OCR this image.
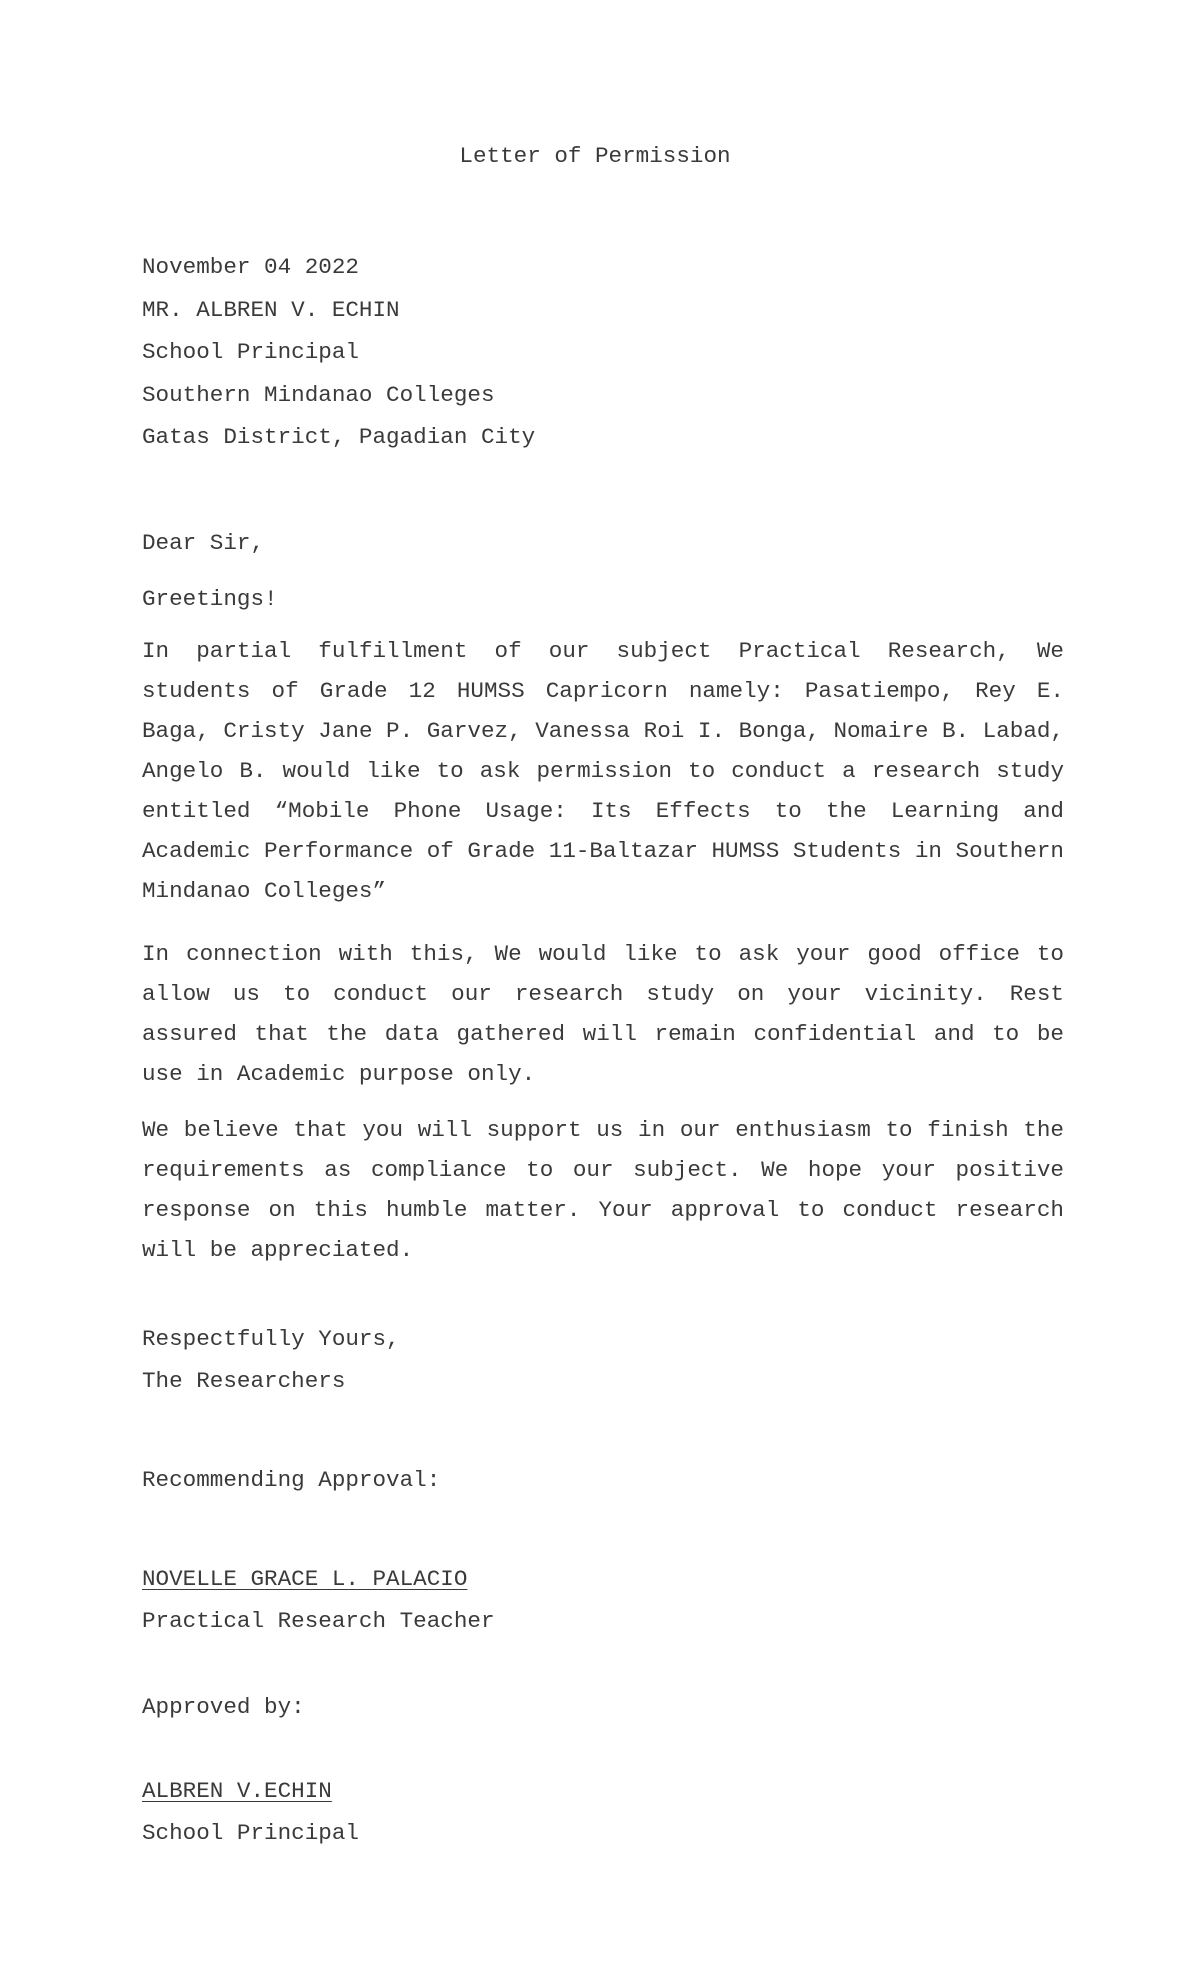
Letter of Permission
November 04 2022
MR. ALBREN V. ECHIN
School Principal
Southern Mindanao Colleges
Gatas District, Pagadian City
Dear Sir,
Greetings!
In partial fulfillment of our subject Practical Research, We students of Grade 12 HUMSS Capricorn namely: Pasatiempo, Rey E. Baga, Cristy Jane P. Garvez, Vanessa Roi I. Bonga, Nomaire B. Labad, Angelo B. would like to ask permission to conduct a research study entitled “Mobile Phone Usage: Its Effects to the Learning and Academic Performance of Grade 11-Baltazar HUMSS Students in Southern Mindanao Colleges”
In connection with this, We would like to ask your good office to allow us to conduct our research study on your vicinity. Rest assured that the data gathered will remain confidential and to be use in Academic purpose only.
We believe that you will support us in our enthusiasm to finish the requirements as compliance to our subject. We hope your positive response on this humble matter. Your approval to conduct research will be appreciated.
Respectfully Yours,
The Researchers
Recommending Approval:
NOVELLE GRACE L. PALACIO
Practical Research Teacher
Approved by:
ALBREN V.ECHIN
School Principal
